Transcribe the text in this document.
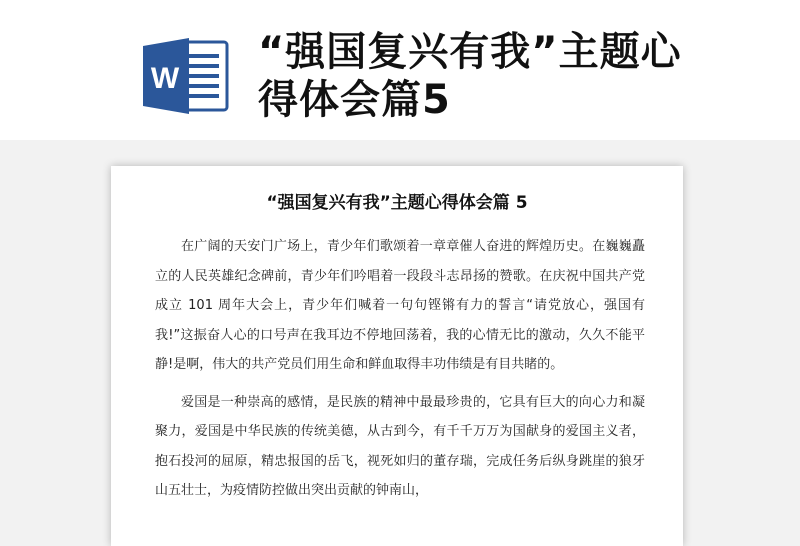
W
“强国复兴有我”主题心得体会篇5
“强国复兴有我”主题心得体会篇 5

在广阔的天安门广场上，青少年们歌颂着一章章催人奋进的辉煌历史。在巍巍矗立的人民英雄纪念碑前，青少年们吟唱着一段段斗志昂扬的赞歌。在庆祝中国共产党成立 101 周年大会上，青少年们喊着一句句铿锵有力的誓言“请党放心，强国有我!”这振奋人心的口号声在我耳边不停地回荡着，我的心情无比的激动，久久不能平静!是啊，伟大的共产党员们用生命和鲜血取得丰功伟绩是有目共睹的。

爱国是一种崇高的感情，是民族的精神中最最珍贵的，它具有巨大的向心力和凝聚力，爱国是中华民族的传统美德，从古到今，有千千万万为国献身的爱国主义者，抱石投河的屈原，精忠报国的岳飞，视死如归的董存瑞，完成任务后纵身跳崖的狼牙山五壮士，为疫情防控做出突出贡献的钟南山，
